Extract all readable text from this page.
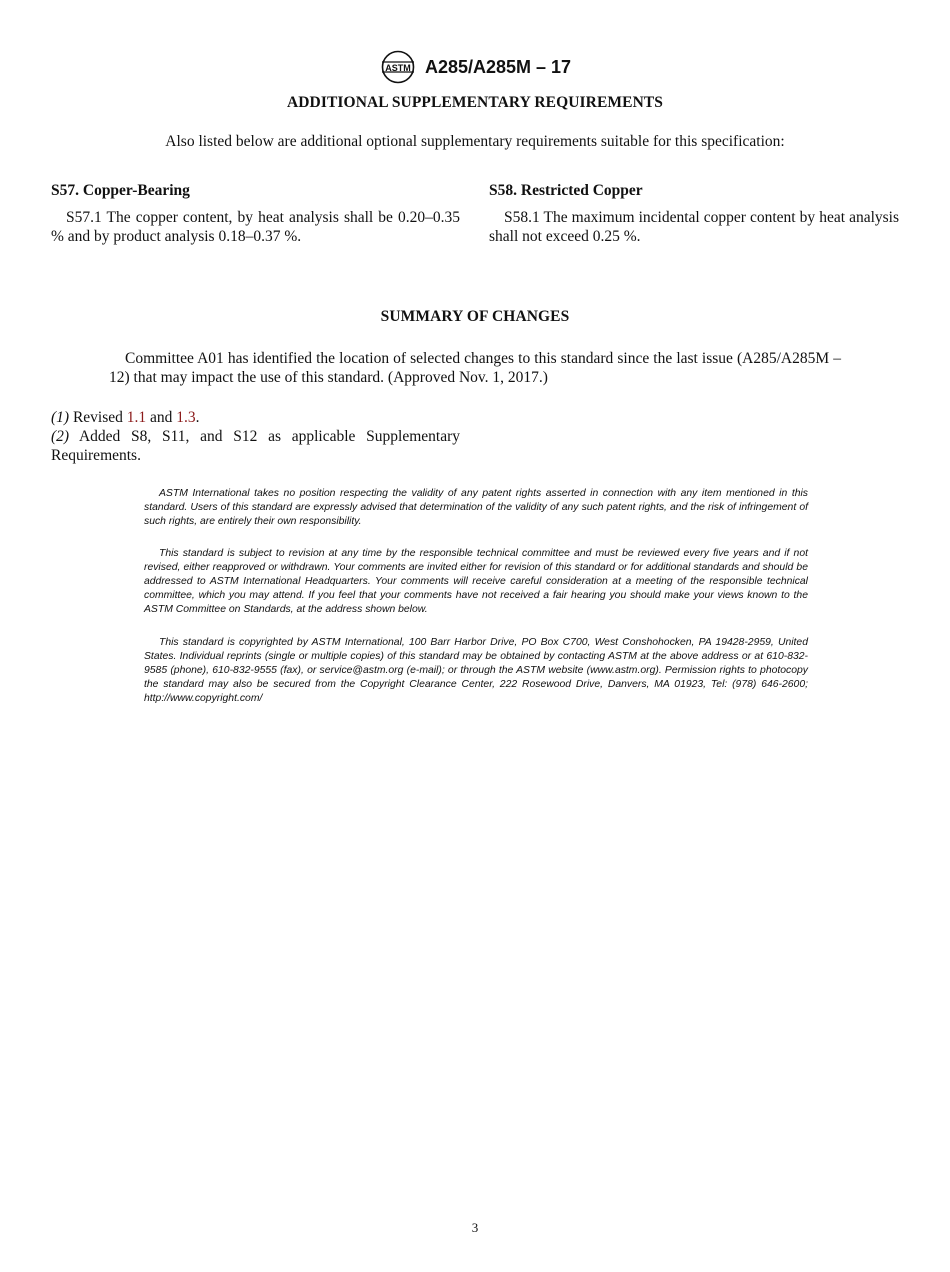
ASTM A285/A285M – 17
ADDITIONAL SUPPLEMENTARY REQUIREMENTS
Also listed below are additional optional supplementary requirements suitable for this specification:
S57. Copper-Bearing
S57.1 The copper content, by heat analysis shall be 0.20–0.35 % and by product analysis 0.18–0.37 %.
S58. Restricted Copper
S58.1 The maximum incidental copper content by heat analysis shall not exceed 0.25 %.
SUMMARY OF CHANGES
Committee A01 has identified the location of selected changes to this standard since the last issue (A285/A285M – 12) that may impact the use of this standard. (Approved Nov. 1, 2017.)
(1) Revised 1.1 and 1.3.
(2) Added S8, S11, and S12 as applicable Supplementary Requirements.
ASTM International takes no position respecting the validity of any patent rights asserted in connection with any item mentioned in this standard. Users of this standard are expressly advised that determination of the validity of any such patent rights, and the risk of infringement of such rights, are entirely their own responsibility.
This standard is subject to revision at any time by the responsible technical committee and must be reviewed every five years and if not revised, either reapproved or withdrawn. Your comments are invited either for revision of this standard or for additional standards and should be addressed to ASTM International Headquarters. Your comments will receive careful consideration at a meeting of the responsible technical committee, which you may attend. If you feel that your comments have not received a fair hearing you should make your views known to the ASTM Committee on Standards, at the address shown below.
This standard is copyrighted by ASTM International, 100 Barr Harbor Drive, PO Box C700, West Conshohocken, PA 19428-2959, United States. Individual reprints (single or multiple copies) of this standard may be obtained by contacting ASTM at the above address or at 610-832-9585 (phone), 610-832-9555 (fax), or service@astm.org (e-mail); or through the ASTM website (www.astm.org). Permission rights to photocopy the standard may also be secured from the Copyright Clearance Center, 222 Rosewood Drive, Danvers, MA 01923, Tel: (978) 646-2600; http://www.copyright.com/
3
